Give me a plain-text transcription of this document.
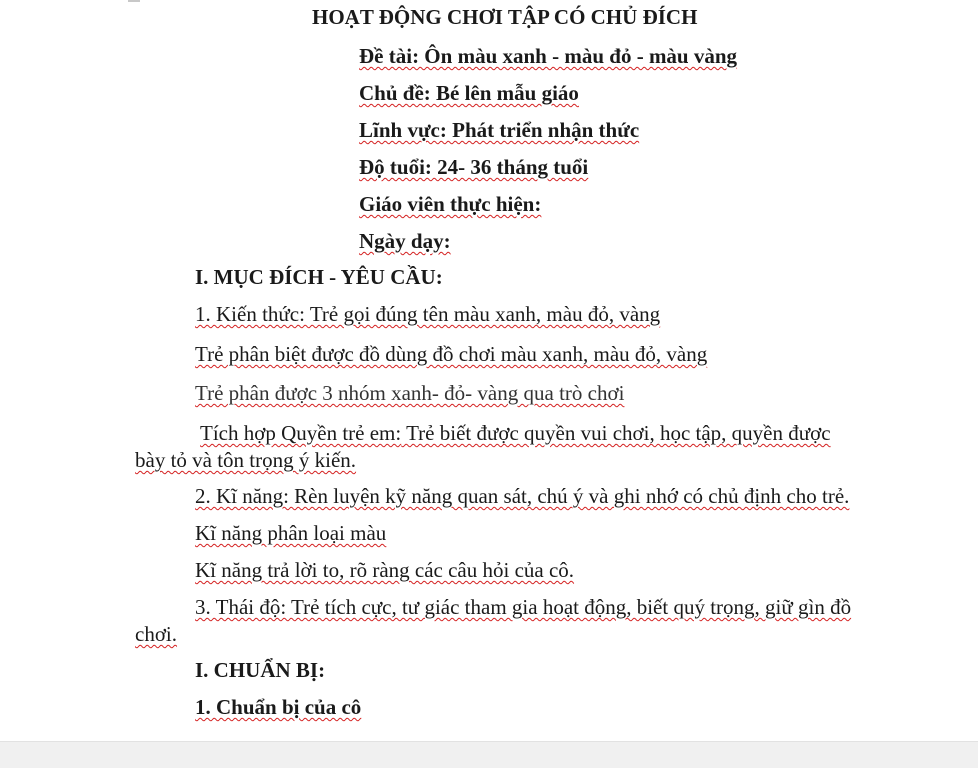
HOẠT ĐỘNG CHƠI TẬP CÓ CHỦ ĐÍCH
Đề tài: Ôn màu xanh - màu đỏ - màu vàng
Chủ đề: Bé lên mẫu giáo
Lĩnh vực: Phát triển nhận thức
Độ tuổi: 24- 36 tháng tuổi
Giáo viên thực hiện:
Ngày dạy:
I. MỤC ĐÍCH - YÊU CẦU:
1. Kiến thức: Trẻ gọi đúng tên màu xanh, màu đỏ, vàng
Trẻ phân biệt được đồ dùng đồ chơi màu xanh, màu đỏ, vàng
Trẻ phân được 3 nhóm xanh- đỏ- vàng qua trò chơi
Tích hợp Quyền trẻ em: Trẻ biết được quyền vui chơi, học tập, quyền được
bày tỏ và tôn trọng ý kiến.
2. Kĩ năng: Rèn luyện kỹ năng quan sát, chú ý và ghi nhớ có chủ định cho trẻ.
Kĩ năng phân loại màu
Kĩ năng trả lời to, rõ ràng các câu hỏi của cô.
3. Thái độ: Trẻ tích cực, tư giác tham gia hoạt động, biết quý trọng, giữ gìn đồ
chơi.
I. CHUẨN BỊ:
1. Chuẩn bị của cô
